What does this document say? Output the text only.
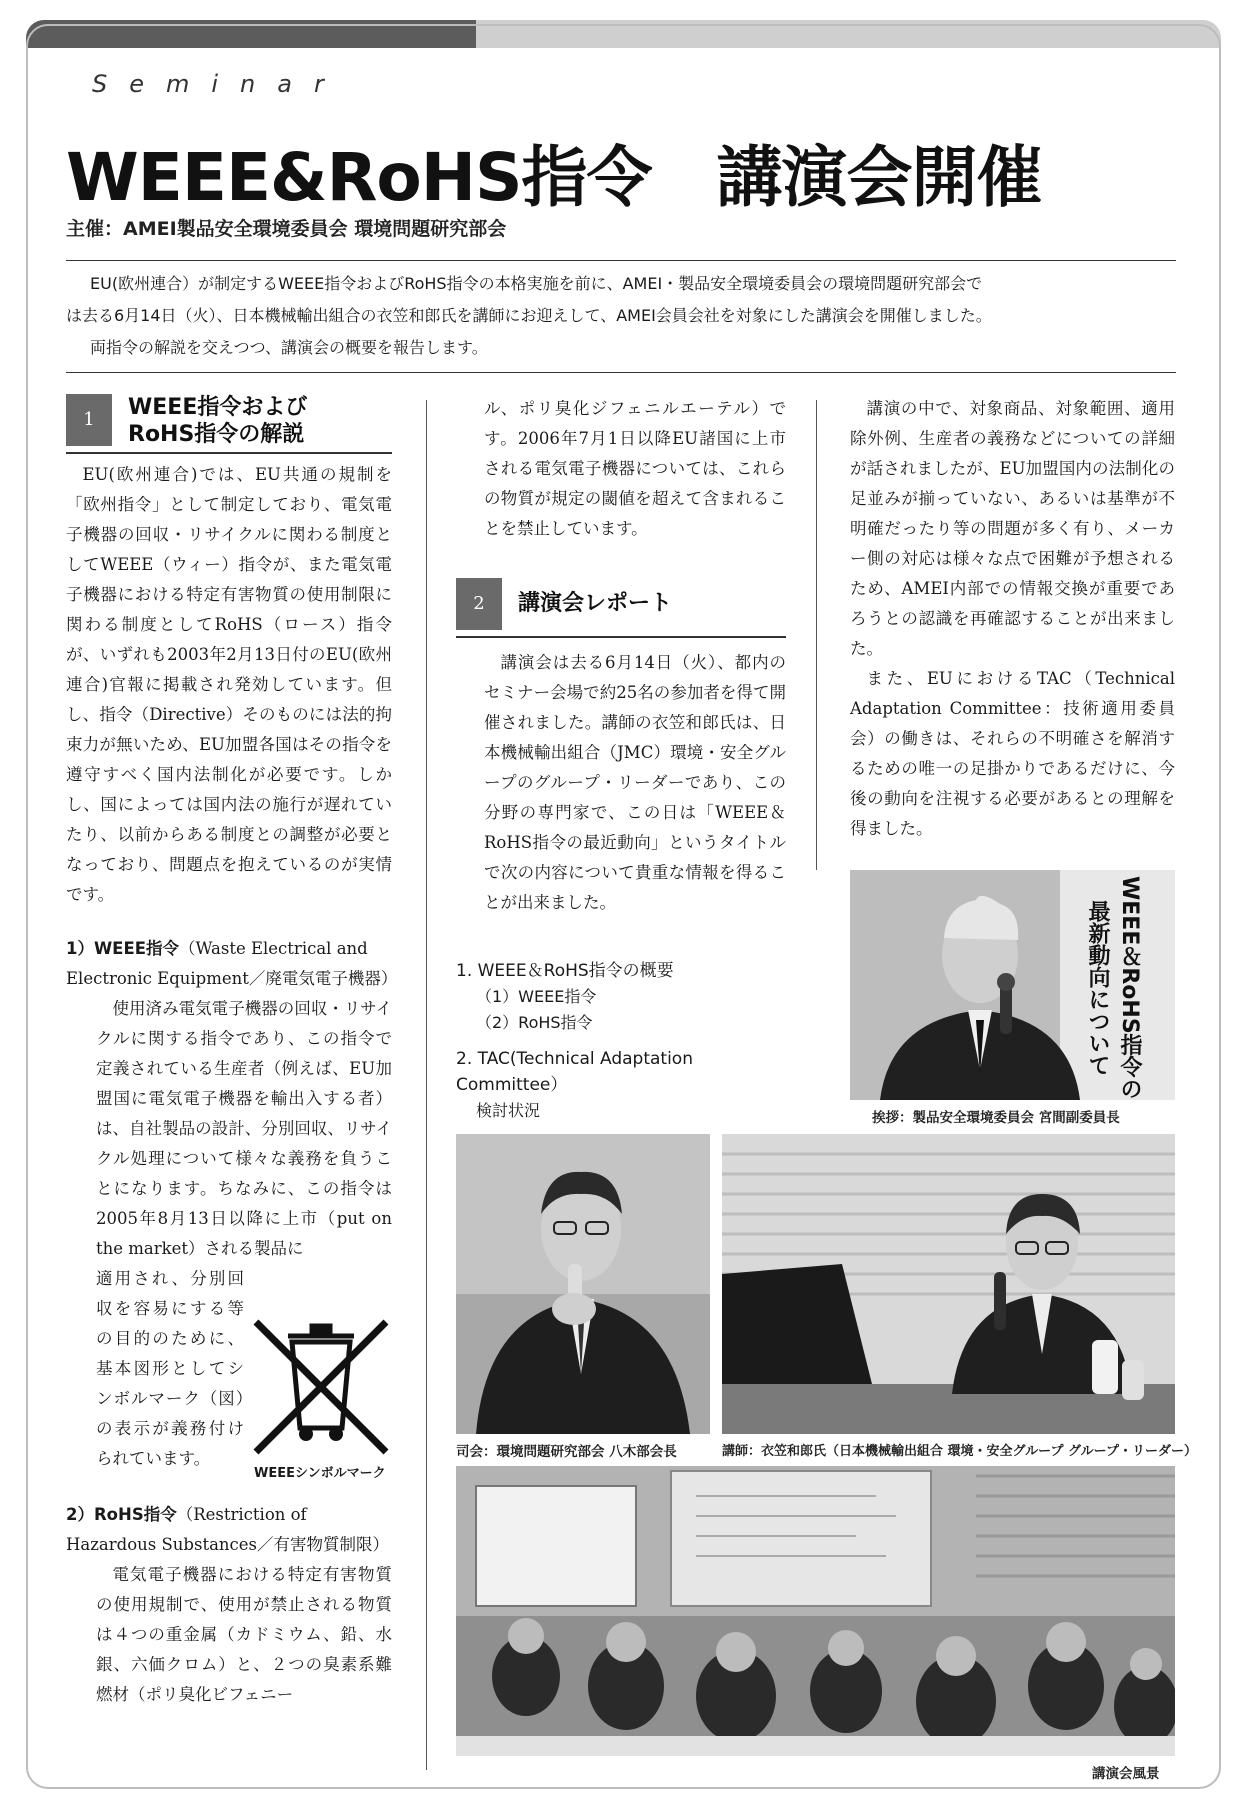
Seminar
WEEE&RoHS指令　講演会開催
主催：AMEI製品安全環境委員会 環境問題研究部会

EU(欧州連合）が制定するWEEE指令およびRoHS指令の本格実施を前に、AMEI・製品安全環境委員会の環境問題研究部会で

は去る6月14日（火）、日本機械輸出組合の衣笠和郎氏を講師にお迎えして、AMEI会員会社を対象にした講演会を開催しました。

両指令の解説を交えつつ、講演会の概要を報告します。

1	WEEE指令および
RoHS指令の解説

EU(欧州連合)では、EU共通の規制を「欧州指令」として制定しており、電気電子機器の回収・リサイクルに関わる制度としてWEEE（ウィー）指令が、また電気電子機器における特定有害物質の使用制限に関わる制度としてRoHS（ロース）指令が、いずれも2003年2月13日付のEU(欧州連合)官報に掲載され発効しています。但し、指令（Directive）そのものには法的拘束力が無いため、EU加盟各国はその指令を遵守すべく国内法制化が必要です。しかし、国によっては国内法の施行が遅れていたり、以前からある制度との調整が必要となっており、問題点を抱えているのが実情です。

1）WEEE指令（Waste Electrical and Electronic Equipment／廃電気電子機器）

使用済み電気電子機器の回収・リサイクルに関する指令であり、この指令で定義されている生産者（例えば、EU加盟国に電気電子機器を輸出入する者）は、自社製品の設計、分別回収、リサイクル処理について様々な義務を負うことになります。ちなみに、この指令は2005年8月13日以降に上市（put on the market）される製品に

適用され、分別回収を容易にする等の目的のために、基本図形としてシンボルマーク（図）の表示が義務付けられています。

2）RoHS指令（Restriction of Hazardous Substances／有害物質制限）

電気電子機器における特定有害物質の使用規制で、使用が禁止される物質は４つの重金属（カドミウム、鉛、水銀、六価クロム）と、２つの臭素系難燃材（ポリ臭化ビフェニー

WEEEシンボルマーク

ル、ポリ臭化ジフェニルエーテル）です。2006年7月1日以降EU諸国に上市される電気電子機器については、これらの物質が規定の閾値を超えて含まれることを禁止しています。

2	講演会レポート

講演会は去る6月14日（火）、都内のセミナー会場で約25名の参加者を得て開催されました。講師の衣笠和郎氏は、日本機械輸出組合（JMC）環境・安全グループのグループ・リーダーであり、この分野の専門家で、この日は「WEEE＆RoHS指令の最近動向」というタイトルで次の内容について貴重な情報を得ることが出来ました。

1. WEEE＆RoHS指令の概要
（1）WEEE指令
（2）RoHS指令
2. TAC(Technical Adaptation Committee）
検討状況

講演の中で、対象商品、対象範囲、適用除外例、生産者の義務などについての詳細が話されましたが、EU加盟国内の法制化の足並みが揃っていない、あるいは基準が不明確だったり等の問題が多く有り、メーカー側の対応は様々な点で困難が予想されるため、AMEI内部での情報交換が重要であろうとの認識を再確認することが出来ました。

また、EUにおけるTAC（Technical Adaptation Committee：技術適用委員会）の働きは、それらの不明確さを解消するための唯一の足掛かりであるだけに、今後の動向を注視する必要があるとの理解を得ました。

WEEE＆RoHS指令の
最新動向について
挨拶：製品安全環境委員会 宮間副委員長
司会：環境問題研究部会 八木部会長	講師：衣笠和郎氏（日本機械輸出組合 環境・安全グループ グループ・リーダー）
講演会風景
